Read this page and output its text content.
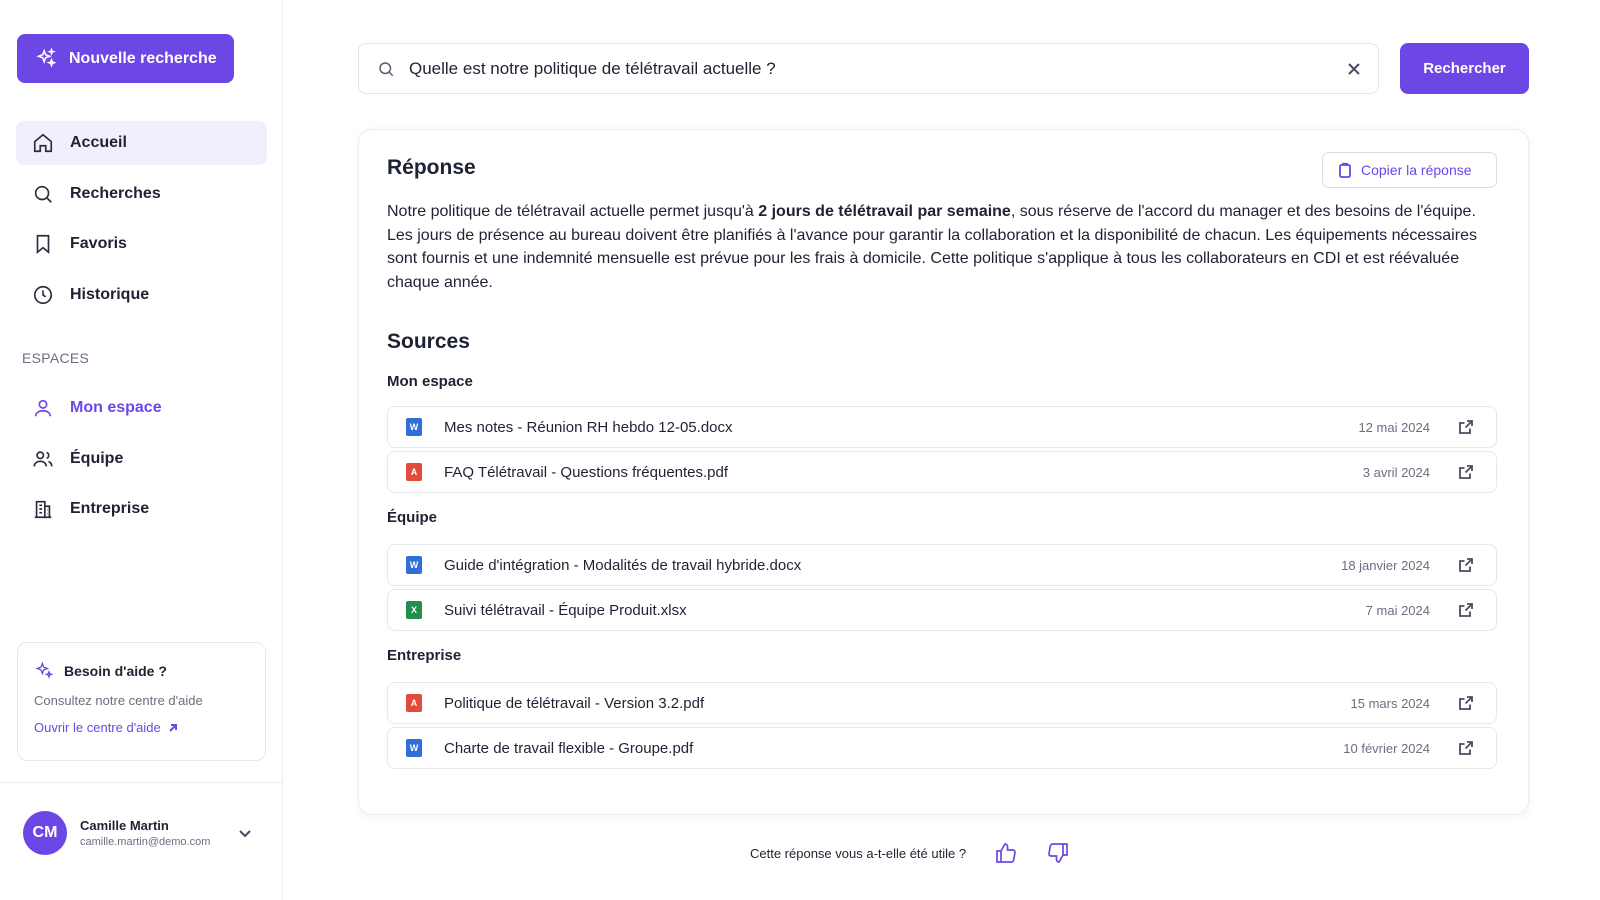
Nouvelle recherche
Accueil
Recherches
Favoris
Historique
ESPACES
Mon espace
Équipe
Entreprise
Besoin d'aide ?
Consultez notre centre d'aide
Ouvrir le centre d'aide
CM	Camille Martin
camille.martin@demo.com
Quelle est notre politique de télétravail actuelle ?
Rechercher
Réponse	Copier la réponse

Notre politique de télétravail actuelle permet jusqu'à 2 jours de télétravail par semaine, sous réserve de l'accord du manager et des besoins de l'équipe. Les jours de présence au bureau doivent être planifiés à l'avance pour garantir la collaboration et la disponibilité de chacun. Les équipements nécessaires sont fournis et une indemnité mensuelle est prévue pour les frais à domicile. Cette politique s'applique à tous les collaborateurs en CDI et est réévaluée chaque année.

Sources
Mon espace
W Mes notes - Réunion RH hebdo 12-05.docx	12 mai 2024
A	FAQ Télétravail - Questions fréquentes.pdf	3 avril 2024
Équipe
W Guide d'intégration - Modalités de travail hybride.docx	18 janvier 2024
X	Suivi télétravail - Équipe Produit.xlsx	7 mai 2024
Entreprise
A	Politique de télétravail - Version 3.2.pdf	15 mars 2024
W Charte de travail flexible - Groupe.pdf	10 février 2024
Cette réponse vous a-t-elle été utile ?
